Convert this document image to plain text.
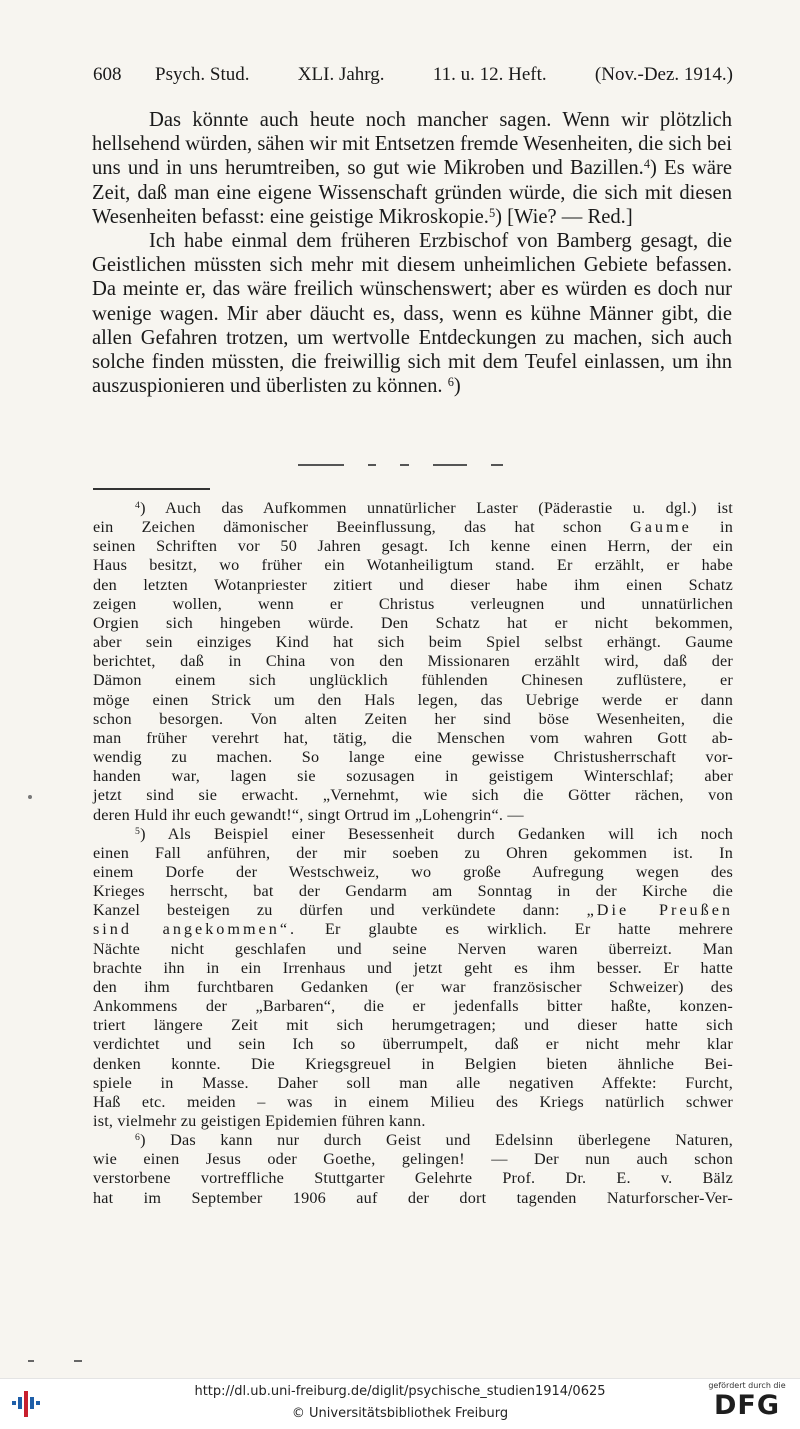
608	Psych. Stud.	XLI. Jahrg.	11. u. 12. Heft.	(Nov.-Dez. 1914.)

Das könnte auch heute noch mancher sagen. Wenn wir plötzlich hellsehend würden, sähen wir mit Entsetzen fremde Wesenheiten, die sich bei uns und in uns herumtreiben, so gut wie Mikroben und Bazillen.$^4$) Es wäre Zeit, daß man eine eigene Wissenschaft gründen würde, die sich mit diesen Wesenheiten befasst: eine geistige Mikroskopie.$^5$) [Wie? — Red.]

Ich habe einmal dem früheren Erzbischof von Bamberg gesagt, die Geistlichen müssten sich mehr mit diesem unheimlichen Gebiete befassen. Da meinte er, das wäre freilich wünschenswert; aber es würden es doch nur wenige wagen. Mir aber däucht es, dass, wenn es kühne Männer gibt, die allen Gefahren trotzen, um wertvolle Entdeckungen zu machen, sich auch solche finden müssten, die freiwillig sich mit dem Teufel einlassen, um ihn auszuspionieren und überlisten zu können. $^6$)

$^4$) Auch das Aufkommen unnatürlicher Laster (Päderastie u. dgl.) ist
ein Zeichen dämonischer Beeinflussung, das hat schon Gaume in
seinen Schriften vor 50 Jahren gesagt. Ich kenne einen Herrn, der ein
Haus besitzt, wo früher ein Wotanheiligtum stand. Er erzählt, er habe
den letzten Wotanpriester zitiert und dieser habe ihm einen Schatz
zeigen wollen, wenn er Christus verleugnen und unnatürlichen
Orgien sich hingeben würde. Den Schatz hat er nicht bekommen,
aber sein einziges Kind hat sich beim Spiel selbst erhängt. Gaume
berichtet, daß in China von den Missionaren erzählt wird, daß der
Dämon einem sich unglücklich fühlenden Chinesen zuflüstere, er
möge einen Strick um den Hals legen, das Uebrige werde er dann
schon besorgen. Von alten Zeiten her sind böse Wesenheiten, die
man früher verehrt hat, tätig, die Menschen vom wahren Gott ab-
wendig zu machen. So lange eine gewisse Christusherrschaft vor-
handen war, lagen sie sozusagen in geistigem Winterschlaf; aber
jetzt sind sie erwacht. „Vernehmt, wie sich die Götter rächen, von
deren Huld ihr euch gewandt!“, singt Ortrud im „Lohengrin“. —
$^5$) Als Beispiel einer Besessenheit durch Gedanken will ich noch
einen Fall anführen, der mir soeben zu Ohren gekommen ist. In
einem Dorfe der Westschweiz, wo große Aufregung wegen des
Krieges herrscht, bat der Gendarm am Sonntag in der Kirche die
Kanzel besteigen zu dürfen und verkündete dann: „Die Preußen
sind angekommen“. Er glaubte es wirklich. Er hatte mehrere
Nächte nicht geschlafen und seine Nerven waren überreizt. Man
brachte ihn in ein Irrenhaus und jetzt geht es ihm besser. Er hatte
den ihm furchtbaren Gedanken (er war französischer Schweizer) des
Ankommens der „Barbaren“, die er jedenfalls bitter haßte, konzen-
triert längere Zeit mit sich herumgetragen; und dieser hatte sich
verdichtet und sein Ich so überrumpelt, daß er nicht mehr klar
denken konnte. Die Kriegsgreuel in Belgien bieten ähnliche Bei-
spiele in Masse. Daher soll man alle negativen Affekte: Furcht,
Haß etc. meiden – was in einem Milieu des Kriegs natürlich schwer
ist, vielmehr zu geistigen Epidemien führen kann.
$^6$) Das kann nur durch Geist und Edelsinn überlegene Naturen,
wie einen Jesus oder Goethe, gelingen! — Der nun auch schon
verstorbene vortreffliche Stuttgarter Gelehrte Prof. Dr. E. v. Bälz
hat im September 1906 auf der dort tagenden Naturforscher-Ver-
http://dl.ub.uni-freiburg.de/diglit/psychische_studien1914/0625
© Universitätsbibliothek Freiburg
gefördert durch die
DFG
